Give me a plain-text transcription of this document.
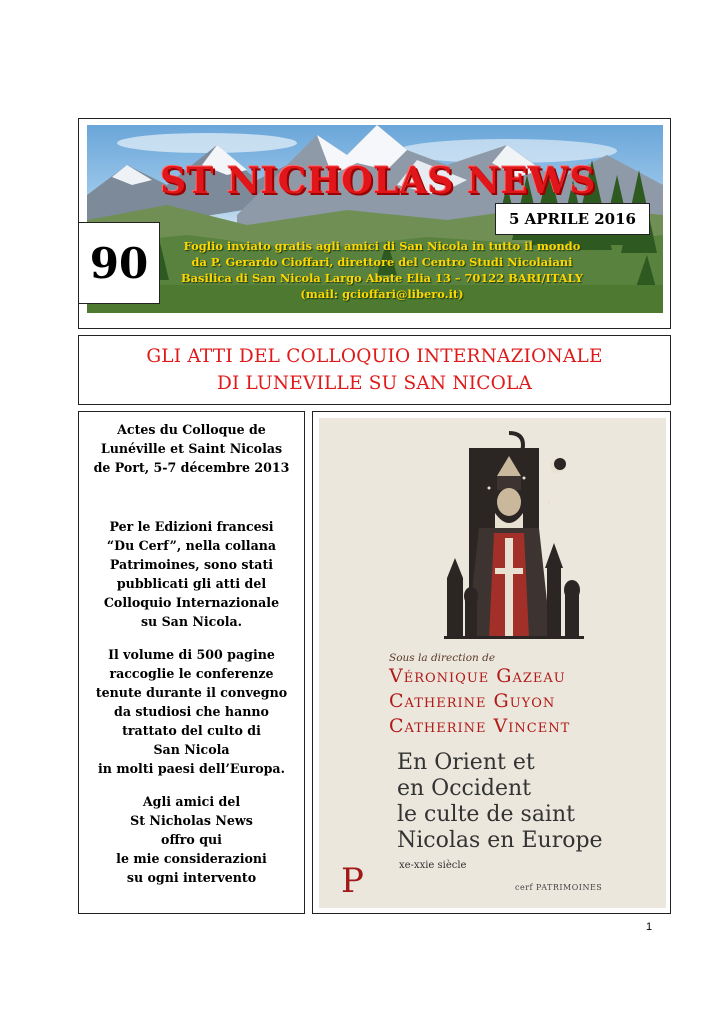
ST NICHOLAS NEWS
5 APRILE 2016
90	Foglio inviato gratis agli amici di San Nicola in tutto il mondo
da P. Gerardo Cioffari, direttore del Centro Studi Nicolaiani
Basilica di San Nicola Largo Abate Elia 13 – 70122 BARI/ITALY
(mail: gcioffari@libero.it)
GLI ATTI DEL COLLOQUIO INTERNAZIONALE
DI LUNEVILLE SU SAN NICOLA

Actes du Colloque de
Lunéville et Saint Nicolas
de Port, 5-7 décembre 2013

Per le Edizioni francesi
“Du Cerf”, nella collana
Patrimoines, sono stati
pubblicati gli atti del
Colloquio Internazionale
su San Nicola.

Il volume di 500 pagine
raccoglie le conferenze
tenute durante il convegno
da studiosi che hanno
trattato del culto di
San Nicola
in molti paesi dell’Europa.

Agli amici del
St Nicholas News
offro qui
le mie considerazioni
su ogni intervento

Sous la direction de
Véronique Gazeau
Catherine Guyon
Catherine Vincent
En Orient et
en Occident
le culte de saint
Nicolas en Europe
xe-xxie siècle
cerf PATRIMOINES
P
1
